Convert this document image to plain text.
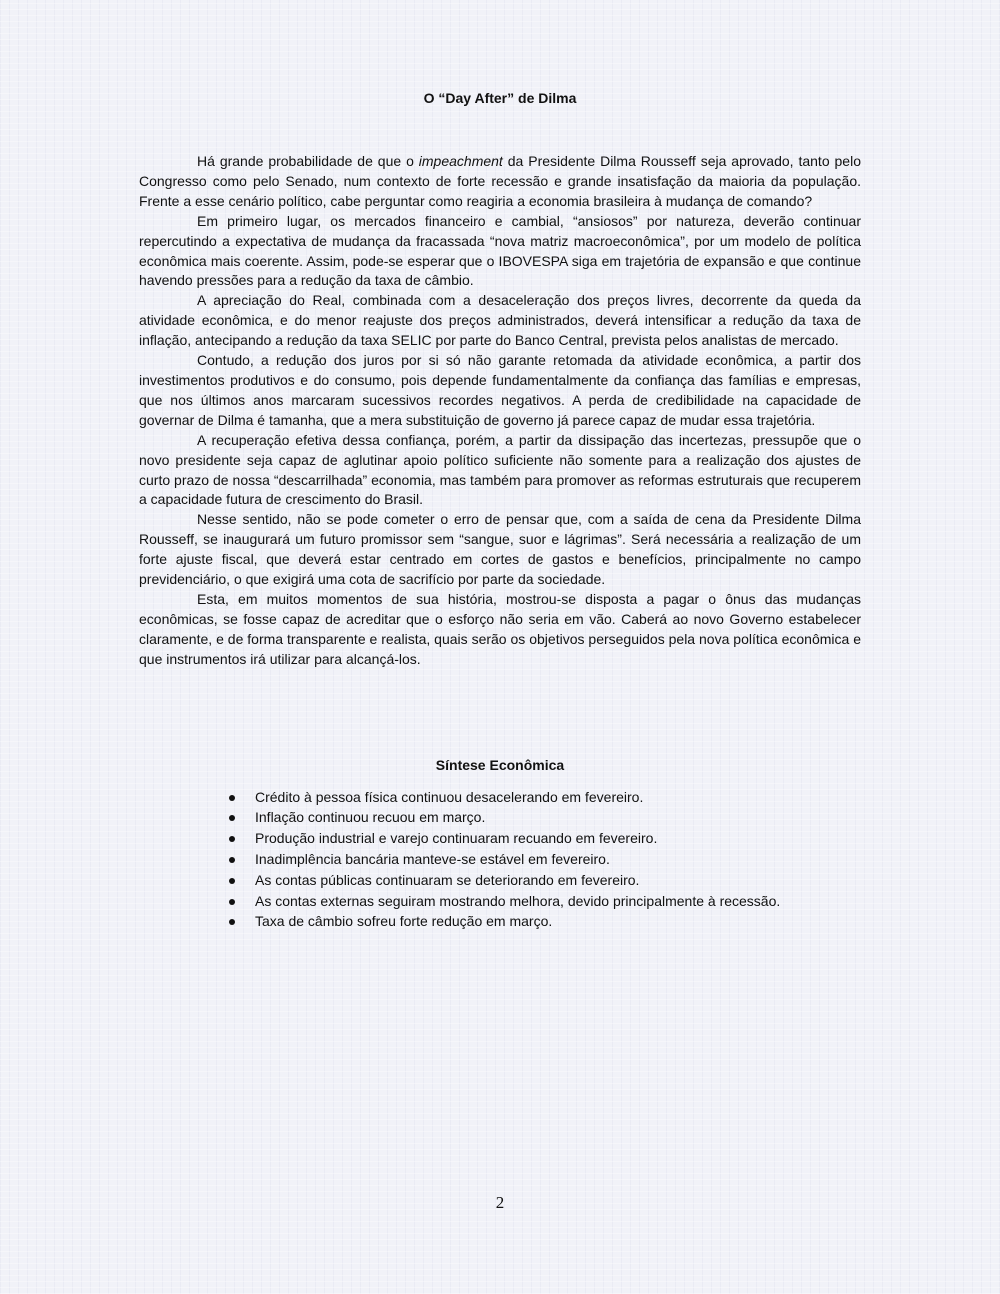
O “Day After” de Dilma

Há grande probabilidade de que o impeachment da Presidente Dilma Rousseff seja aprovado, tanto pelo Congresso como pelo Senado, num contexto de forte recessão e grande insatisfação da maioria da população. Frente a esse cenário político, cabe perguntar como reagiria a economia brasileira à mudança de comando?

Em primeiro lugar, os mercados financeiro e cambial, “ansiosos” por natureza, deverão continuar repercutindo a expectativa de mudança da fracassada “nova matriz macroeconômica”, por um modelo de política econômica mais coerente. Assim, pode-se esperar que o IBOVESPA siga em trajetória de expansão e que continue havendo pressões para a redução da taxa de câmbio.

A apreciação do Real, combinada com a desaceleração dos preços livres, decorrente da queda da atividade econômica, e do menor reajuste dos preços administrados, deverá intensificar a redução da taxa de inflação, antecipando a redução da taxa SELIC por parte do Banco Central, prevista pelos analistas de mercado.

Contudo, a redução dos juros por si só não garante retomada da atividade econômica, a partir dos investimentos produtivos e do consumo, pois depende fundamentalmente da confiança das famílias e empresas, que nos últimos anos marcaram sucessivos recordes negativos. A perda de credibilidade na capacidade de governar de Dilma é tamanha, que a mera substituição de governo já parece capaz de mudar essa trajetória.

A recuperação efetiva dessa confiança, porém, a partir da dissipação das incertezas, pressupõe que o novo presidente seja capaz de aglutinar apoio político suficiente não somente para a realização dos ajustes de curto prazo de nossa “descarrilhada” economia, mas também para promover as reformas estruturais que recuperem a capacidade futura de crescimento do Brasil.

Nesse sentido, não se pode cometer o erro de pensar que, com a saída de cena da Presidente Dilma Rousseff, se inaugurará um futuro promissor sem “sangue, suor e lágrimas”. Será necessária a realização de um forte ajuste fiscal, que deverá estar centrado em cortes de gastos e benefícios, principalmente no campo previdenciário, o que exigirá uma cota de sacrifício por parte da sociedade.

Esta, em muitos momentos de sua história, mostrou-se disposta a pagar o ônus das mudanças econômicas, se fosse capaz de acreditar que o esforço não seria em vão. Caberá ao novo Governo estabelecer claramente, e de forma transparente e realista, quais serão os objetivos perseguidos pela nova política econômica e que instrumentos irá utilizar para alcançá-los.

Síntese Econômica
Crédito à pessoa física continuou desacelerando em fevereiro.
Inflação continuou recuou em março.
Produção industrial e varejo continuaram recuando em fevereiro.
Inadimplência bancária manteve-se estável em fevereiro.
As contas públicas continuaram se deteriorando em fevereiro.
As contas externas seguiram mostrando melhora, devido principalmente à recessão.
Taxa de câmbio sofreu forte redução em março.
2
